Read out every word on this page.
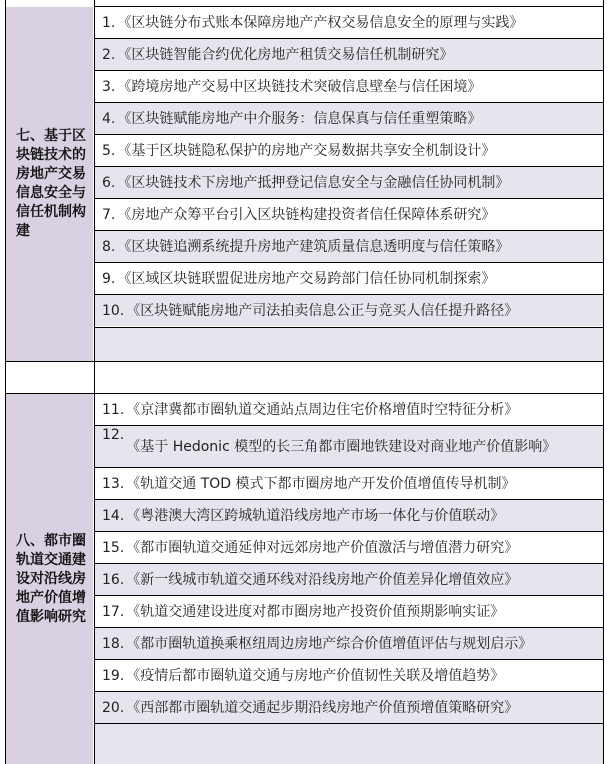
七、基于区块链技术的房地产交易信息安全与信任机制构建
1. 《区块链分布式账本保障房地产产权交易信息安全的原理与实践》
2. 《区块链智能合约优化房地产租赁交易信任机制研究》
3. 《跨境房地产交易中区块链技术突破信息壁垒与信任困境》
4. 《区块链赋能房地产中介服务：信息保真与信任重塑策略》
5. 《基于区块链隐私保护的房地产交易数据共享安全机制设计》
6. 《区块链技术下房地产抵押登记信息安全与金融信任协同机制》
7. 《房地产众筹平台引入区块链构建投资者信任保障体系研究》
8. 《区块链追溯系统提升房地产建筑质量信息透明度与信任策略》
9. 《区域区块链联盟促进房地产交易跨部门信任协同机制探索》
10. 《区块链赋能房地产司法拍卖信息公正与竞买人信任提升路径》
八、都市圈轨道交通建设对沿线房地产价值增值影响研究
11. 《京津冀都市圈轨道交通站点周边住宅价格增值时空特征分析》
12.
《基于 Hedonic 模型的长三角都市圈地铁建设对商业地产价值影响》
13. 《轨道交通 TOD 模式下都市圈房地产开发价值增值传导机制》
14. 《粤港澳大湾区跨城轨道沿线房地产市场一体化与价值联动》
15. 《都市圈轨道交通延伸对远郊房地产价值激活与增值潜力研究》
16. 《新一线城市轨道交通环线对沿线房地产价值差异化增值效应》
17. 《轨道交通建设进度对都市圈房地产投资价值预期影响实证》
18. 《都市圈轨道换乘枢纽周边房地产综合价值增值评估与规划启示》
19. 《疫情后都市圈轨道交通与房地产价值韧性关联及增值趋势》
20. 《西部都市圈轨道交通起步期沿线房地产价值预增值策略研究》
